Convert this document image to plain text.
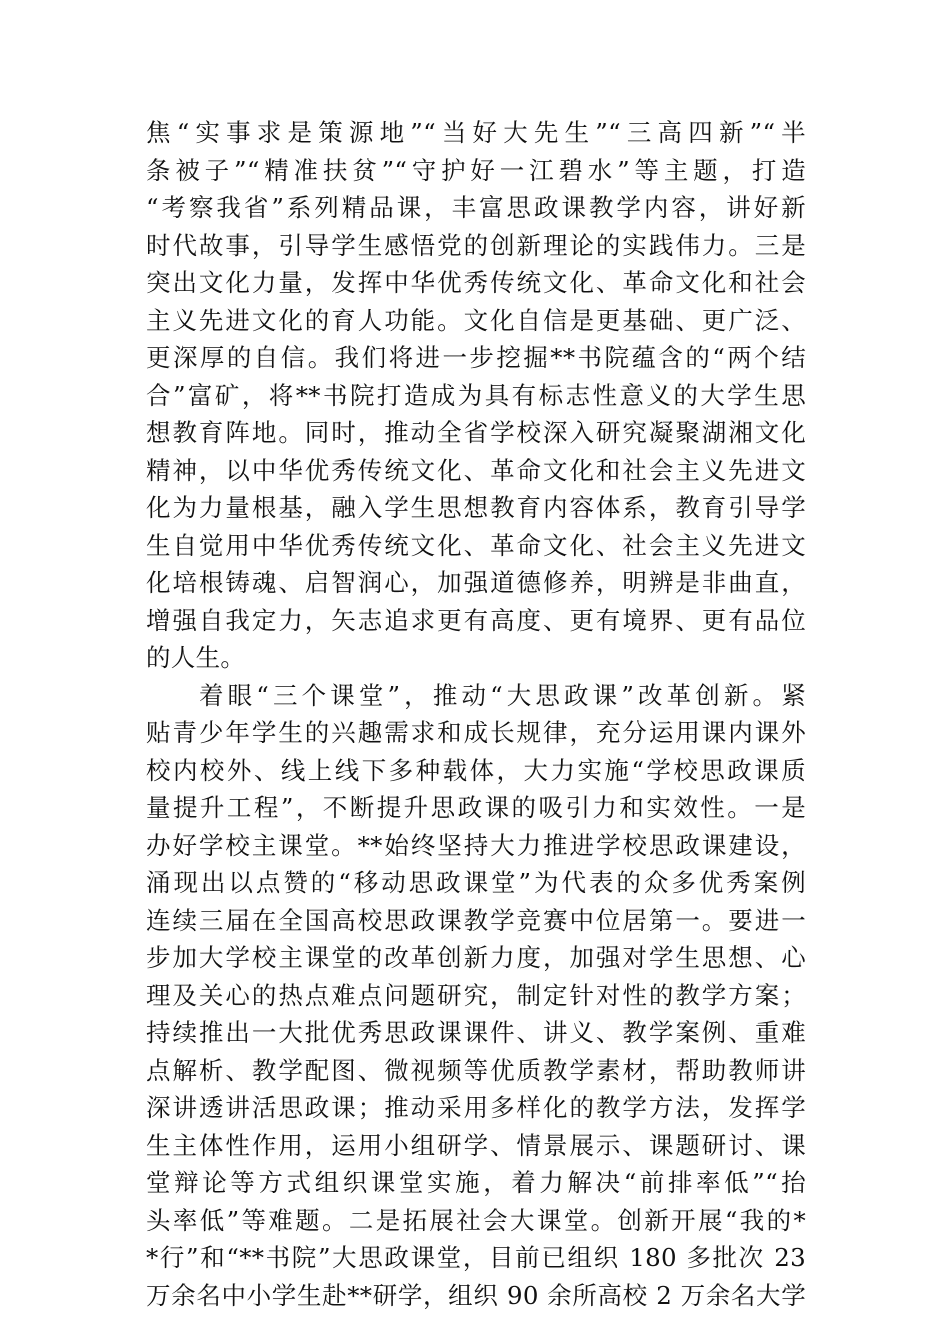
焦“实事求是策源地”“当好大先生”“三高四新”“半
条被子”“精准扶贫”“守护好一江碧水”等主题，打造
“考察我省”系列精品课，丰富思政课教学内容，讲好新
时代故事，引导学生感悟党的创新理论的实践伟力。三是
突出文化力量，发挥中华优秀传统文化、革命文化和社会
主义先进文化的育人功能。文化自信是更基础、更广泛、
更深厚的自信。我们将进一步挖掘**书院蕴含的“两个结
合”富矿，将**书院打造成为具有标志性意义的大学生思
想教育阵地。同时，推动全省学校深入研究凝聚湖湘文化
精神，以中华优秀传统文化、革命文化和社会主义先进文
化为力量根基，融入学生思想教育内容体系，教育引导学
生自觉用中华优秀传统文化、革命文化、社会主义先进文
化培根铸魂、启智润心，加强道德修养，明辨是非曲直，
增强自我定力，矢志追求更有高度、更有境界、更有品位
的人生。
着眼“三个课堂”，推动“大思政课”改革创新。紧
贴青少年学生的兴趣需求和成长规律，充分运用课内课外
校内校外、线上线下多种载体，大力实施“学校思政课质
量提升工程”，不断提升思政课的吸引力和实效性。一是
办好学校主课堂。**始终坚持大力推进学校思政课建设，
涌现出以点赞的“移动思政课堂”为代表的众多优秀案例
连续三届在全国高校思政课教学竞赛中位居第一。要进一
步加大学校主课堂的改革创新力度，加强对学生思想、心
理及关心的热点难点问题研究，制定针对性的教学方案；
持续推出一大批优秀思政课课件、讲义、教学案例、重难
点解析、教学配图、微视频等优质教学素材，帮助教师讲
深讲透讲活思政课；推动采用多样化的教学方法，发挥学
生主体性作用，运用小组研学、情景展示、课题研讨、课
堂辩论等方式组织课堂实施，着力解决“前排率低”“抬
头率低”等难题。二是拓展社会大课堂。创新开展“我的*
*行”和“**书院”大思政课堂，目前已组织 180 多批次 23
万余名中小学生赴**研学，组织 90 余所高校 2 万余名大学
